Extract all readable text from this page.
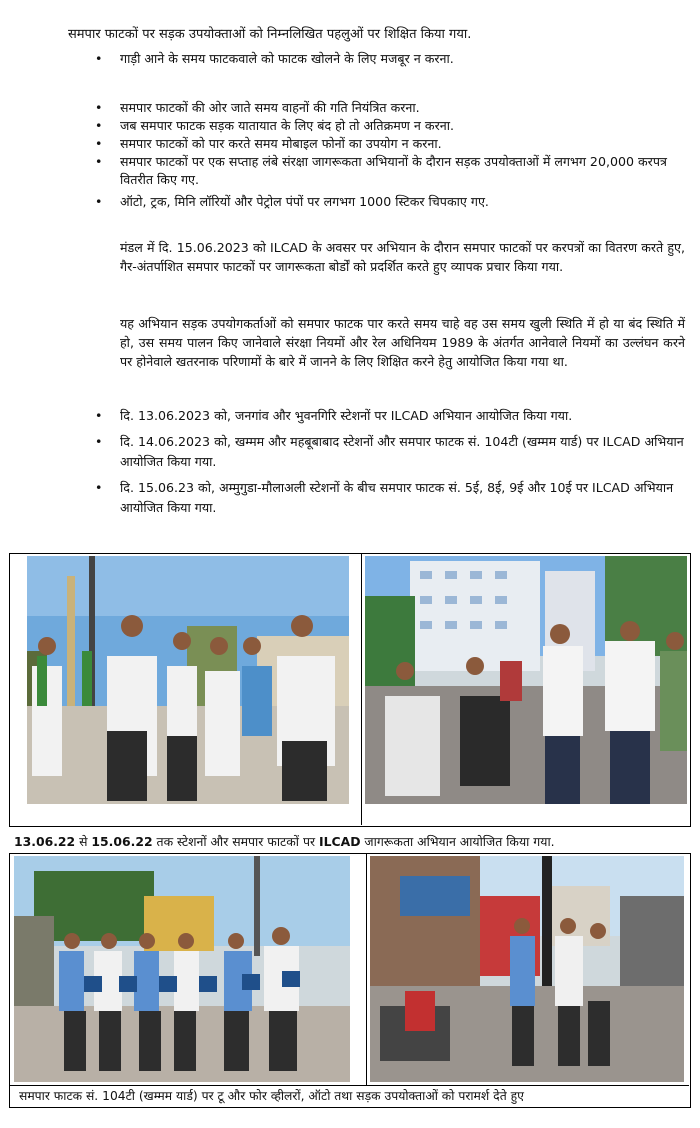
समपार फाटकों पर सड़क उपयोक्ताओं को निम्नलिखित पहलुओं पर शिक्षित किया गया.
• गाड़ी आने के समय फाटकवाले को फाटक खोलने के लिए मजबूर न करना.
• समपार फाटकों की ओर जाते समय वाहनों की गति नियंत्रित करना.
• जब समपार फाटक सड़क यातायात के लिए बंद हो तो अतिक्रमण न करना.
• समपार फाटकों को पार करते समय मोबाइल फोनों का उपयोग न करना.
• समपार फाटकों पर एक सप्ताह लंबे संरक्षा जागरूकता अभियानों के दौरान सड़क उपयोक्ताओं में लगभग 20,000 करपत्र वितरीत किए गए.
• ऑटो, ट्रक, मिनि लॉरियों और पेट्रोल पंपों पर लगभग 1000 स्टिकर चिपकाए गए.
मंडल में दि. 15.06.2023 को ILCAD के अवसर पर अभियान के दौरान समपार फाटकों पर करपत्रों का वितरण करते हुए, गैर-अंतर्पाशित समपार फाटकों पर जागरूकता बोर्डों को प्रदर्शित करते हुए व्यापक प्रचार किया गया.
यह अभियान सड़क उपयोगकर्ताओं को समपार फाटक पार करते समय चाहे वह उस समय खुली स्थिति में हो या बंद स्थिति में हो, उस समय पालन किए जानेवाले संरक्षा नियमों और रेल अधिनियम 1989 के अंतर्गत आनेवाले नियमों का उल्लंघन करने पर होनेवाले खतरनाक परिणामों के बारे में जानने के लिए शिक्षित करने हेतु आयोजित किया गया था.
• दि. 13.06.2023 को, जनगांव और भुवनगिरि स्टेशनों पर ILCAD अभियान आयोजित किया गया.
• दि. 14.06.2023 को, खम्मम और महबूबाबाद स्टेशनों और समपार फाटक सं. 104टी (खम्मम यार्ड) पर ILCAD अभियान आयोजित किया गया.
• दि. 15.06.23 को, अम्मुगुडा-मौलाअली स्टेशनों के बीच समपार फाटक सं. 5ई, 8ई, 9ई और 10ई पर ILCAD अभियान आयोजित किया गया.
13.06.22 से 15.06.22 तक स्टेशनों और समपार फाटकों पर ILCAD जागरूकता अभियान आयोजित किया गया.
समपार फाटक सं. 104टी (खम्मम यार्ड) पर टू और फोर व्हीलरों, ऑटो तथा सड़क उपयोक्ताओं को परामर्श देते हुए
